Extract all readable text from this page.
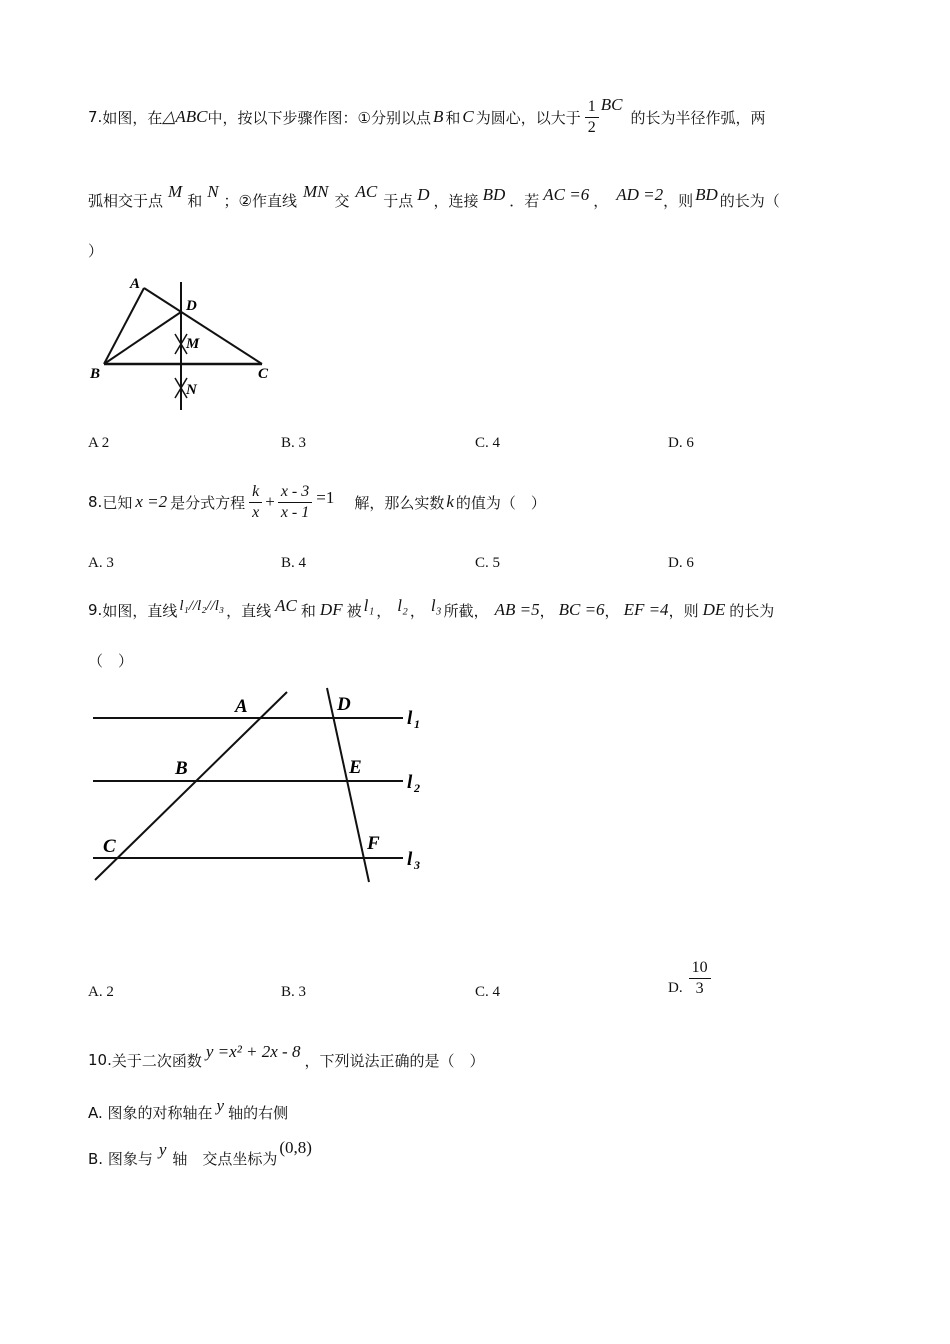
7. 如图，在 △ABC 中，按以下步骤作图：①分别以点 B 和 C 为圆心，以大于 $\frac{1}{2}$ BC
的长为半径作弧，两
弧相交于点 M 和 N ；②作直线 MN 交 AC 于点 D ，连接 BD ．若 AC =6 ， AD =2 ，则 BD 的长为（
）
A
B	C
D
M
N
A 2	B. 3	C. 4	D. 6
8. 已知 x =2 是分式方程 $\frac{k}{x} + \frac{x - 3}{x - 1} =1$ 解，那么实数 k 的值为（　）
A. 3	B. 4	C. 5	D. 6
9. 如图，直线 l₁//l₂//l₃ ，直线 AC 和 DF 被 l₁ ， l₂ ， l₃ 所截， AB =5 ， BC =6 ， EF =4 ，则 DE 的长为
（　）
A
B
C
D
E
F
l 1
l 2
l 3
A. 2	B. 3	C. 4	D. $\frac{10}{3}$
10. 关于二次函数 y =x² + 2x - 8 ，下列说法正确的是（　）
A. 图象的对称轴在 y 轴的右侧
B. 图象与 y 轴　交点坐标为
(0,8)
